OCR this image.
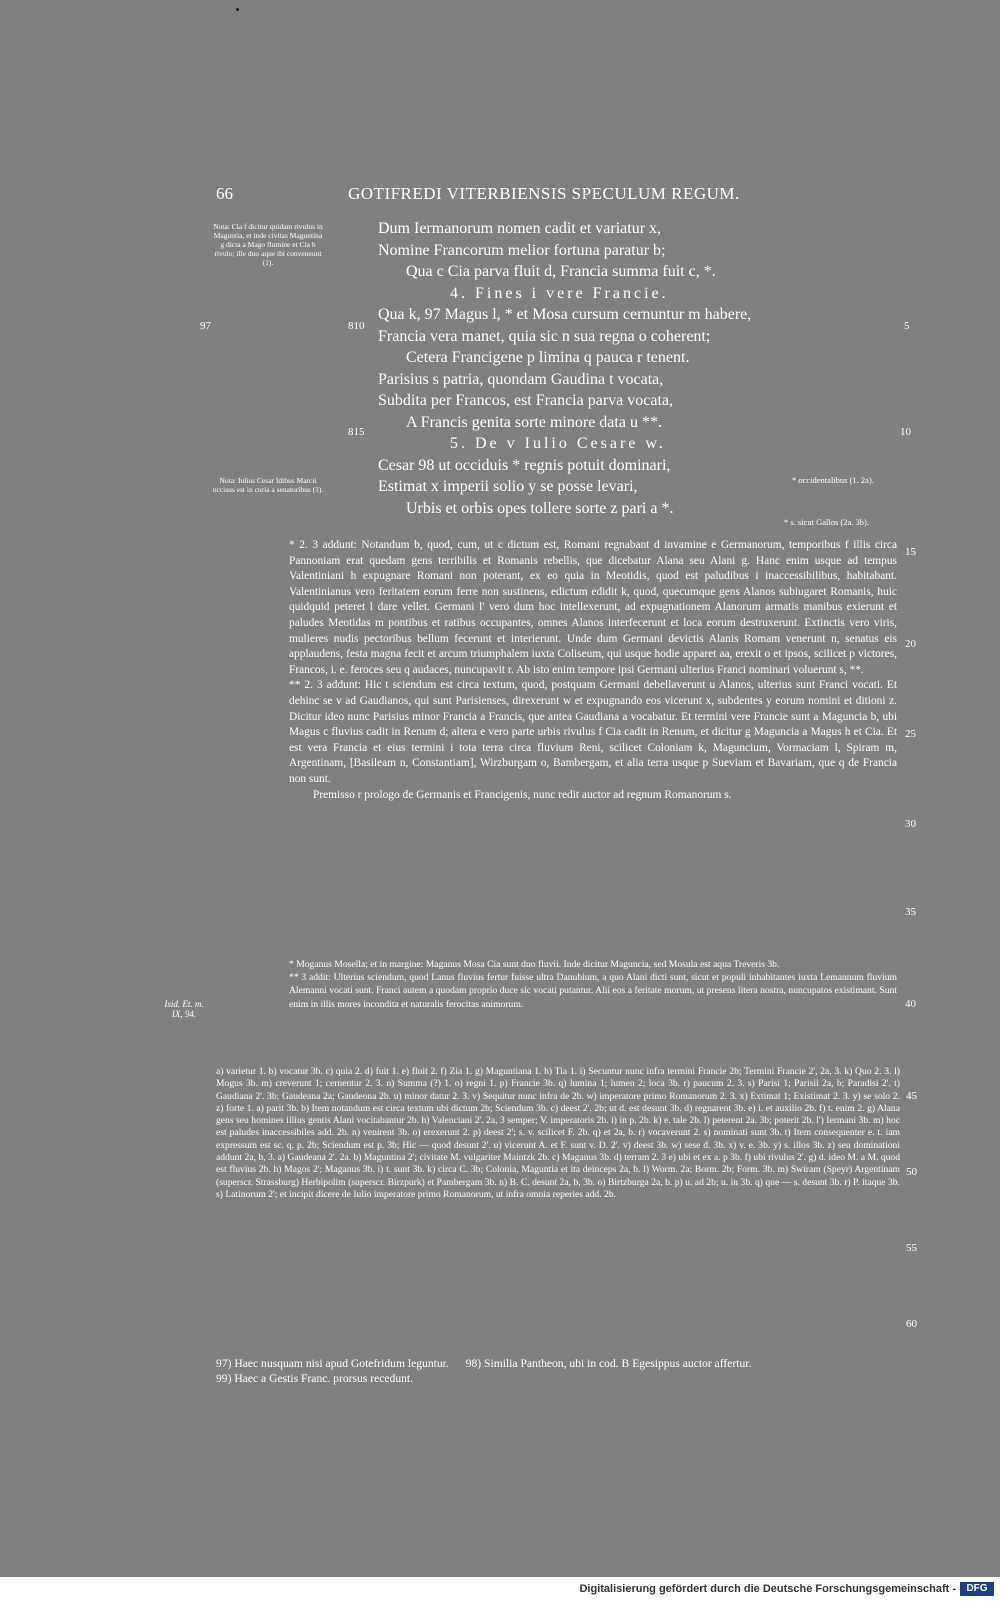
66	GOTIFREDI VITERBIENSIS SPECULUM REGUM.
Nota: Cia f dicitur quidam rivulus in Maguntia, et inde civitas Maguntina g dicta a Mago flumine et Cia h rivulo; ille duo aque ibi conveneunt (1).
Nota: Iulius Cesar Idibus Marcii occisus est in curia a senatoribus (1).
Isid. Et. m. IX, 94.
97	810
815
Dum Iermanorum nomen cadit et variatur x,
Nomine Francorum melior fortuna paratur b;
Qua c Cia parva fluit d, Francia summa fuit c, *.
4. Fines i vere Francie.
Qua k, 97 Magus l, * et Mosa cursum cernuntur m habere,
Francia vera manet, quia sic n sua regna o coherent;
Cetera Francigene p limina q pauca r tenent.
Parisius s patria, quondam Gaudina t vocata,
Subdita per Francos, est Francia parva vocata,
A Francis genita sorte minore data u **.
5. De v Iulio Cesare w.
Cesar 98 ut occiduis * regnis potuit dominari,
Estimat x imperii solio y se posse levari,
Urbis et orbis opes tollere sorte z pari a *.
5
10
* occidentalibus (1. 2a).
* s. sicut Gallos (2a. 3b).

* 2. 3 addunt: Notandum b, quod, cum, ut c dictum est, Romani regnabant d invamine e Germanorum, temporibus f illis circa Pannoniam erat quedam gens terribilis et Romanis rebellis, que dicebatur Alana seu Alani g. Hanc enim usque ad tempus Valentiniani h expugnare Romani non poterant, ex eo quia in Meotidis, quod est paludibus i inaccessibilibus, habitabant. Valentinianus vero feritatem eorum ferre non sustinens, edictum edidit k, quod, quecumque gens Alanos subiugaret Romanis, huic quidquid peteret l dare vellet. Germani l' vero dum hoc intellexerunt, ad expugnationem Alanorum armatis manibus exierunt et paludes Meotidas m pontibus et ratibus occupantes, omnes Alanos interfecerunt et loca eorum destruxerunt. Extinctis vero viris, mulieres nudis pectoribus bellum fecerunt et interierunt. Unde dum Germani devictis Alanis Romam venerunt n, senatus eis applaudens, festa magna fecit et arcum triumphalem iuxta Coliseum, qui usque hodie apparet aa, erexit o et ipsos, scilicet p victores, Francos, i. e. feroces seu q audaces, nuncupavit r. Ab isto enim tempore ipsi Germani ulterius Franci nominari voluerunt s, **.

** 2. 3 addunt: Hic t sciendum est circa textum, quod, postquam Germani debellaverunt u Alanos, ulterius sunt Franci vocati. Et dehinc se v ad Gaudianos, qui sunt Parisienses, direxerunt w et expugnando eos vicerunt x, subdentes y eorum nomini et ditioni z. Dicitur ideo nunc Parisius minor Francia a Francis, que antea Gaudiana a vocabatur. Et termini vere Francie sunt a Maguncia b, ubi Magus c fluvius cadit in Renum d; altera e vero parte urbis rivulus f Cia cadit in Renum, et dicitur g Maguncia a Magus h et Cia. Et est vera Francia et eius termini i tota terra circa fluvium Reni, scilicet Coloniam k, Maguncium, Vormaciam l, Spiram m, Argentinam, [Basileam n, Constantiam], Wirzburgam o, Bambergam, et alia terra usque p Sueviam et Bavariam, que q de Francia non sunt.

Premisso r prologo de Germanis et Francigenis, nunc redit auctor ad regnum Romanorum s.

15
20
25
30
35
40

* Moganus Mosella; et in margine: Maganus Mosa Cia sunt duo fluvii. Inde dicitur Maguncia, sed Mosula est aqua Treveris 3b.

** 3 addit: Ulterius sciendum, quod Lanus fluvius fertur fuisse ultra Danubium, a quo Alani dicti sunt, sicut et populi inhabitantes iuxta Lemannum fluvium Alemanni vocati sunt. Franci autem a quodam proprio duce sic vocati putantur. Alii eos a feritate morum, ut presens litera nostra, nuncupatos existimant. Sunt enim in illis mores incondita et naturalis ferocitas animorum.

a) varietur 1. b) vocatur 3b. c) quia 2. d) fuit 1. e) fluit 2. f) Zia 1. g) Maguntiana 1. h) Tia 1. i) Secuntur nunc infra termini Francie 2b; Termini Francie 2', 2a, 3. k) Quo 2. 3. l) Mogus 3b. m) creverunt 1; cernentur 2. 3. n) Summa (?) 1. o) regni 1. p) Francie 3b. q) lumina 1; lumen 2; loca 3b. r) paucum 2. 3. s) Parisi 1; Parisii 2a, b; Paradisi 2'. t) Gaudiana 2'. 3b; Gaudeana 2a; Gaudeona 2b. u) minor datur 2. 3. v) Sequitur nunc infra de 2b. w) imperatore primo Romanorum 2. 3. x) Extimat 1; Existimat 2. 3. y) se solo 2. z) forte 1. a) parit 3b. b) Item notandum est circa textum ubi dictum 2b; Sciendum 3b. c) deest 2'. 2b; ut d. est desunt 3b. d) regnarent 3b. e) i. et auxilio 2b. f) t. enim 2. g) Alana gens seu homines illius gentis Alani vocitabantur 2b. h) Valenciani 2'. 2a, 3 semper; V. imperatoris 2b. i) in p. 2b. k) e. tale 2b. l) peterent 2a. 3b; poterit 2b. l') Iermani 3b. m) hoc est paludes inaccessibiles add. 2b. n) venirent 3b. o) erexerunt 2. p) deest 2'; s. v. scilicet F. 2b. q) et 2a, b. r) vocaverunt 2. s) nominati sunt 3b. t) Item consequenter e. t. iam expressum est sc. q. p. 2b; Sciendum est p. 3b; Hic — quod desunt 2'. u) vicerunt A. et F. sunt v. D. 2'. v) deest 3b. w) sese d. 3b. x) v. e. 3b. y) s. illos 3b. z) seu dominationi addunt 2a, b, 3. a) Gaudeana 2'. 2a. b) Maguntina 2'; civitate M. vulgariter Maintzk 2b. c) Maganus 3b. d) terram 2. 3 e) ubi et ex a. p 3b. f) ubi rivulus 2'. g) d. ideo M. a M. quod est fluvius 2b. h) Magos 2'; Maganus 3b. i) t. sunt 3b. k) circa C. 3b; Colonia, Maguntia et ita deinceps 2a, b. l) Worm. 2a; Borm. 2b; Form. 3b. m) Swiram (Speyr) Argentinam (superscr. Strassburg) Herbipolim (superscr. Birzpurk) et Pambergam 3b. n) B. C. desunt 2a, b, 3b. o) Birtzburga 2a, b. p) u. ad 2b; u. in 3b. q) que — s. desunt 3b. r) P. itaque 3b. s) Latinorum 2'; et incipit dicere de Iulio imperatore primo Romanorum, ut infra omnia reperies add. 2b.

45
50
55
60

97) Haec nusquam nisi apud Gotefridum leguntur. 98) Similia Pantheon, ubi in cod. B Egesippus auctor affertur.

99) Haec a Gestis Franc. prorsus recedunt.

Digitalisierung gefördert durch die Deutsche Forschungsgemeinschaft -	DFG
